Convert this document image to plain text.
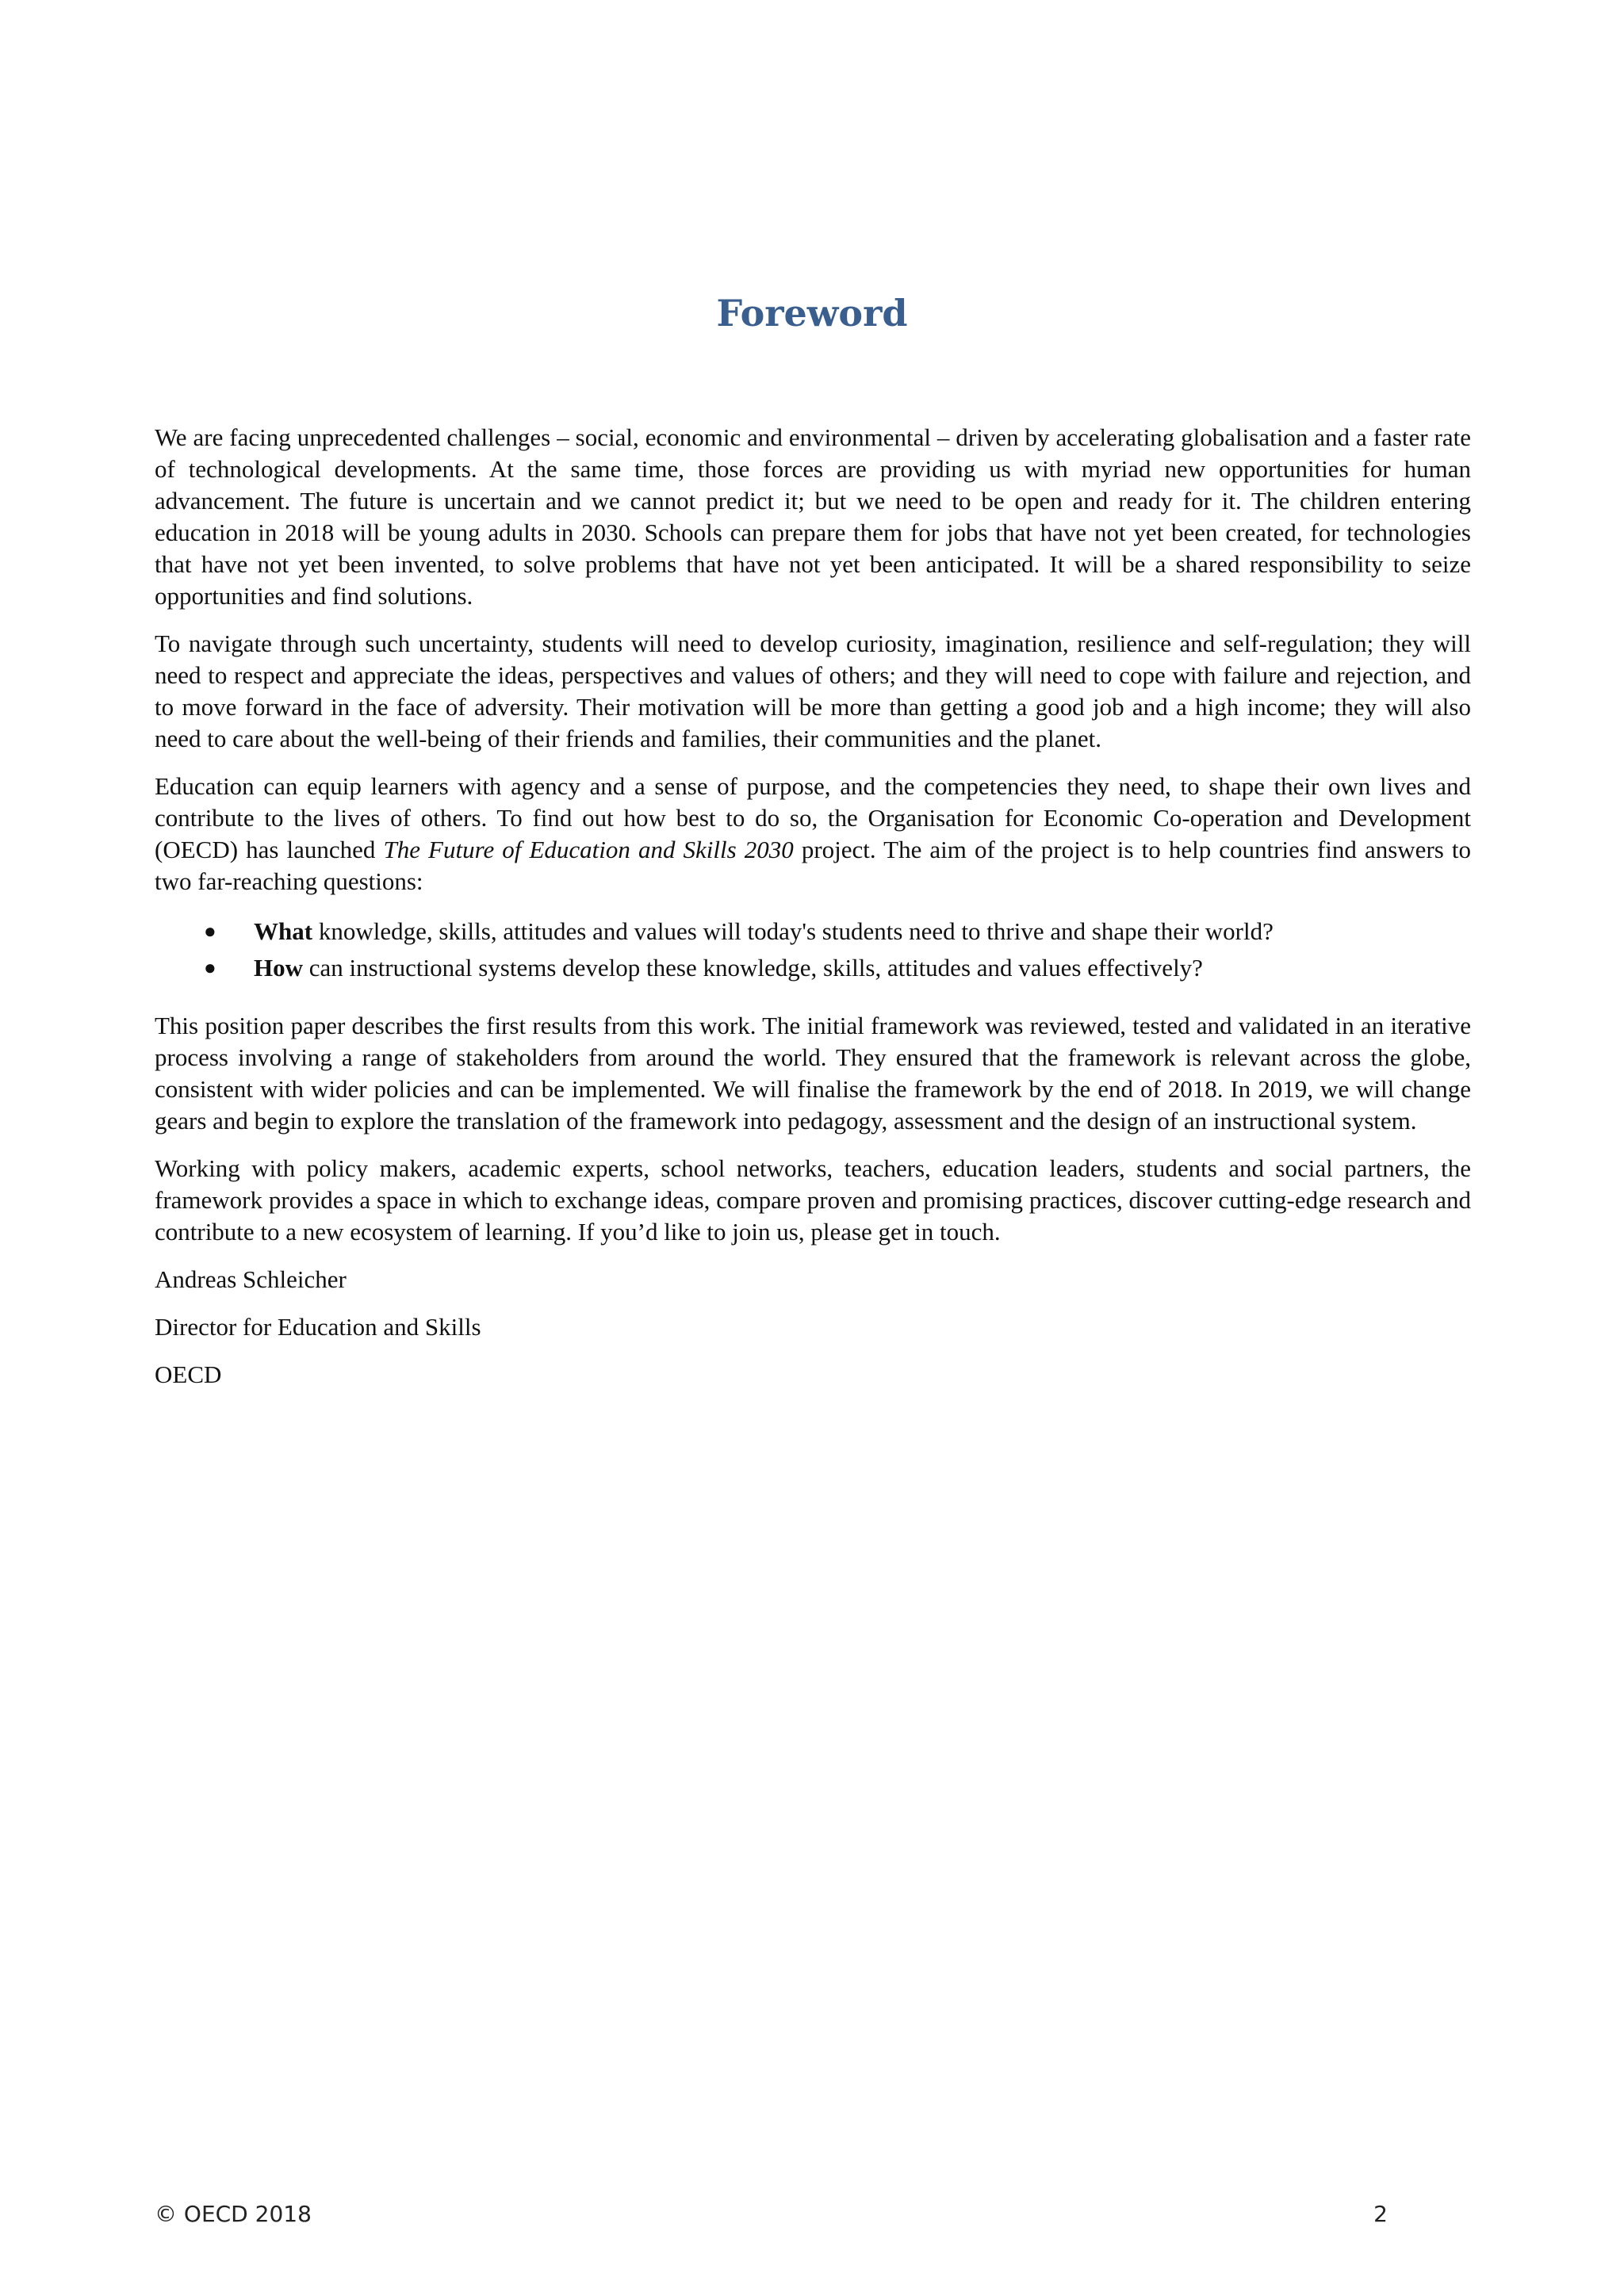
Foreword

We are facing unprecedented challenges – social, economic and environmental – driven by accelerating globalisation and a faster rate of technological developments. At the same time, those forces are providing us with myriad new opportunities for human advancement. The future is uncertain and we cannot predict it; but we need to be open and ready for it. The children entering education in 2018 will be young adults in 2030. Schools can prepare them for jobs that have not yet been created, for technologies that have not yet been invented, to solve problems that have not yet been anticipated. It will be a shared responsibility to seize opportunities and find solutions.

To navigate through such uncertainty, students will need to develop curiosity, imagination, resilience and self-regulation; they will need to respect and appreciate the ideas, perspectives and values of others; and they will need to cope with failure and rejection, and to move forward in the face of adversity. Their motivation will be more than getting a good job and a high income; they will also need to care about the well-being of their friends and families, their communities and the planet.

Education can equip learners with agency and a sense of purpose, and the competencies they need, to shape their own lives and contribute to the lives of others. To find out how best to do so, the Organisation for Economic Co-operation and Development (OECD) has launched The Future of Education and Skills 2030 project. The aim of the project is to help countries find answers to two far-reaching questions:

● What knowledge, skills, attitudes and values will today's students need to thrive and shape their world?
● How can instructional systems develop these knowledge, skills, attitudes and values effectively?

This position paper describes the first results from this work. The initial framework was reviewed, tested and validated in an iterative process involving a range of stakeholders from around the world. They ensured that the framework is relevant across the globe, consistent with wider policies and can be implemented. We will finalise the framework by the end of 2018. In 2019, we will change gears and begin to explore the translation of the framework into pedagogy, assessment and the design of an instructional system.

Working with policy makers, academic experts, school networks, teachers, education leaders, students and social partners, the framework provides a space in which to exchange ideas, compare proven and promising practices, discover cutting-edge research and contribute to a new ecosystem of learning. If you’d like to join us, please get in touch.

Andreas Schleicher

Director for Education and Skills

OECD

© OECD 2018	2
